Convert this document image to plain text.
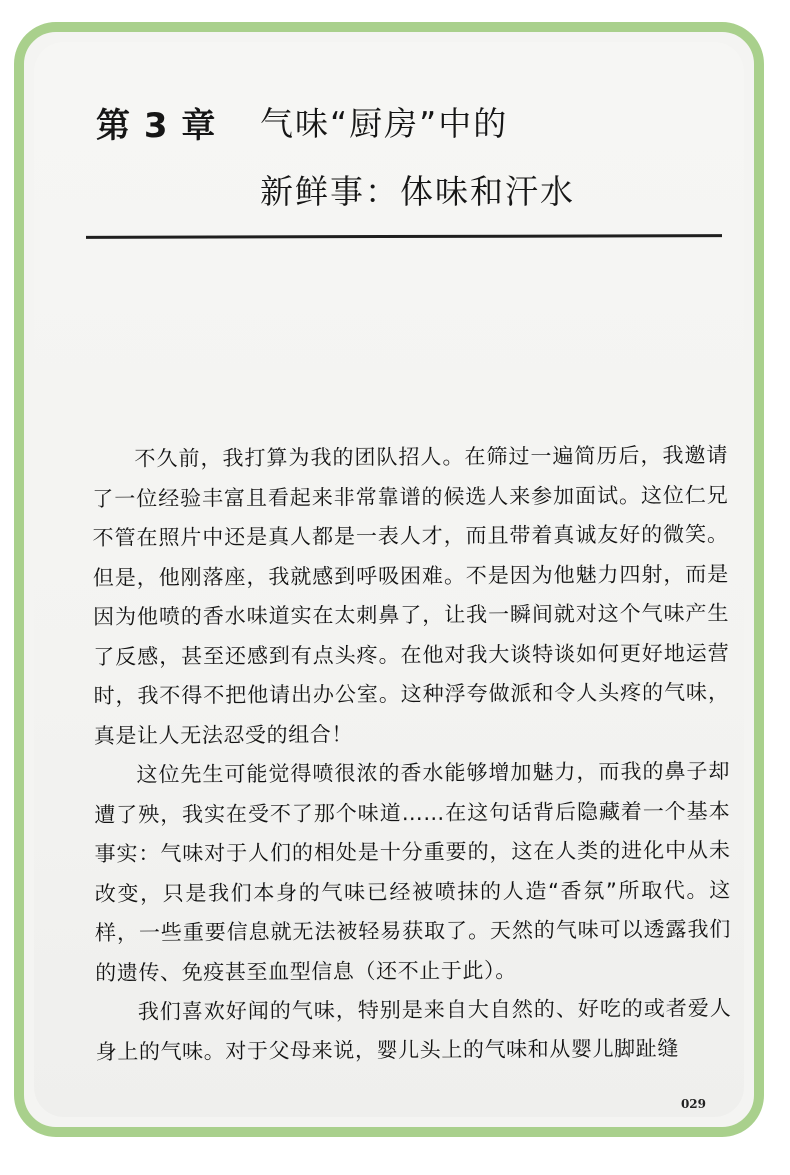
第 3 章 气味“厨房”中的
新鲜事：体味和汗水

不久前，我打算为我的团队招人。在筛过一遍简历后，我邀请了一位经验丰富且看起来非常靠谱的候选人来参加面试。这位仁兄不管在照片中还是真人都是一表人才，而且带着真诚友好的微笑。但是，他刚落座，我就感到呼吸困难。不是因为他魅力四射，而是因为他喷的香水味道实在太刺鼻了，让我一瞬间就对这个气味产生了反感，甚至还感到有点头疼。在他对我大谈特谈如何更好地运营时，我不得不把他请出办公室。这种浮夸做派和令人头疼的气味，真是让人无法忍受的组合！

这位先生可能觉得喷很浓的香水能够增加魅力，而我的鼻子却遭了殃，我实在受不了那个味道……在这句话背后隐藏着一个基本事实：气味对于人们的相处是十分重要的，这在人类的进化中从未改变，只是我们本身的气味已经被喷抹的人造“香氛”所取代。这样，一些重要信息就无法被轻易获取了。天然的气味可以透露我们的遗传、免疫甚至血型信息（还不止于此）。

我们喜欢好闻的气味，特别是来自大自然的、好吃的或者爱人身上的气味。对于父母来说，婴儿头上的气味和从婴儿脚趾缝

029
